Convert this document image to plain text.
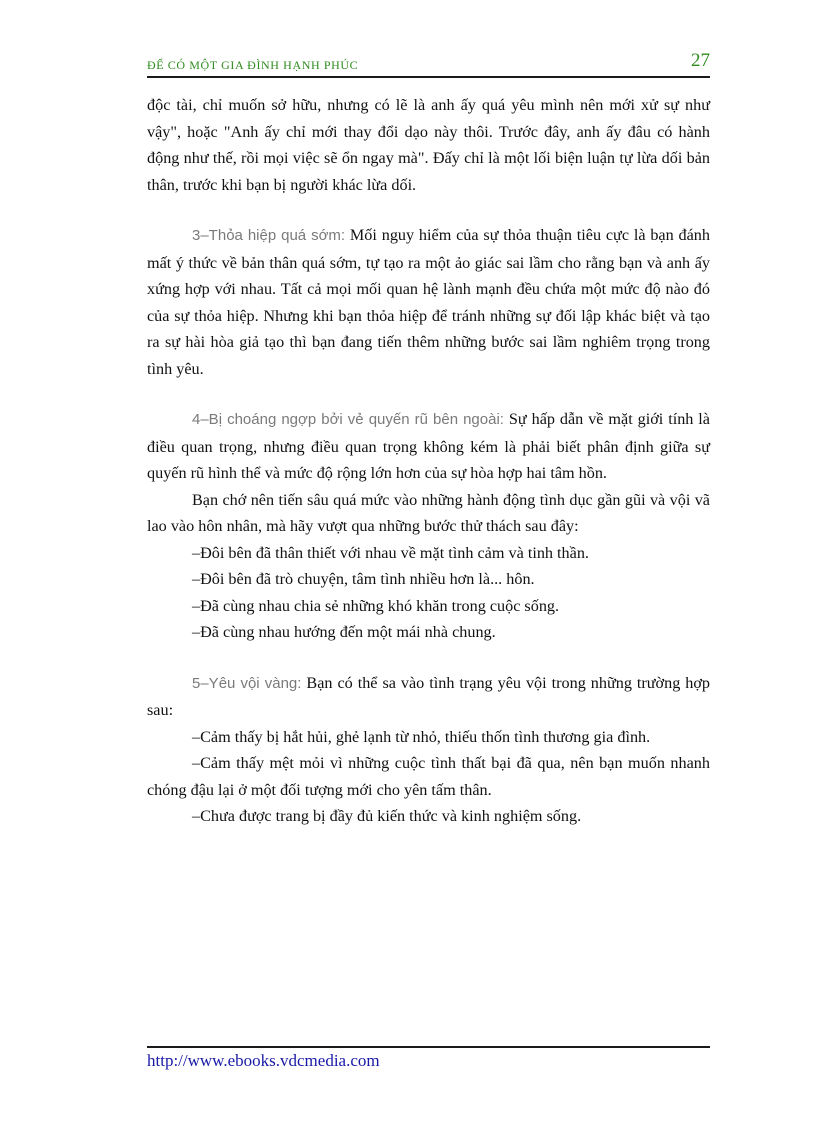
ĐỂ CÓ MỘT GIA ĐÌNH HẠNH PHÚC	27

độc tài, chỉ muốn sở hữu, nhưng có lẽ là anh ấy quá yêu mình nên mới xử sự như vậy", hoặc "Anh ấy chỉ mới thay đổi dạo này thôi. Trước đây, anh ấy đâu có hành động như thế, rồi mọi việc sẽ ổn ngay mà". Đấy chỉ là một lối biện luận tự lừa dối bản thân, trước khi bạn bị người khác lừa dối.

3–Thỏa hiệp quá sớm: Mối nguy hiểm của sự thỏa thuận tiêu cực là bạn đánh mất ý thức về bản thân quá sớm, tự tạo ra một ảo giác sai lầm cho rằng bạn và anh ấy xứng hợp với nhau. Tất cả mọi mối quan hệ lành mạnh đều chứa một mức độ nào đó của sự thỏa hiệp. Nhưng khi bạn thỏa hiệp để tránh những sự đối lập khác biệt và tạo ra sự hài hòa giả tạo thì bạn đang tiến thêm những bước sai lầm nghiêm trọng trong tình yêu.

4–Bị choáng ngợp bởi vẻ quyến rũ bên ngoài: Sự hấp dẫn về mặt giới tính là điều quan trọng, nhưng điều quan trọng không kém là phải biết phân định giữa sự quyến rũ hình thể và mức độ rộng lớn hơn của sự hòa hợp hai tâm hồn.

Bạn chớ nên tiến sâu quá mức vào những hành động tình dục gần gũi và vội vã lao vào hôn nhân, mà hãy vượt qua những bước thử thách sau đây:

–Đôi bên đã thân thiết với nhau về mặt tình cảm và tinh thần.

–Đôi bên đã trò chuyện, tâm tình nhiều hơn là... hôn.

–Đã cùng nhau chia sẻ những khó khăn trong cuộc sống.

–Đã cùng nhau hướng đến một mái nhà chung.

5–Yêu vội vàng: Bạn có thể sa vào tình trạng yêu vội trong những trường hợp sau:

–Cảm thấy bị hắt hủi, ghẻ lạnh từ nhỏ, thiếu thốn tình thương gia đình.

–Cảm thấy mệt mỏi vì những cuộc tình thất bại đã qua, nên bạn muốn nhanh chóng đậu lại ở một đối tượng mới cho yên tấm thân.

–Chưa được trang bị đầy đủ kiến thức và kinh nghiệm sống.

http://www.ebooks.vdcmedia.com
